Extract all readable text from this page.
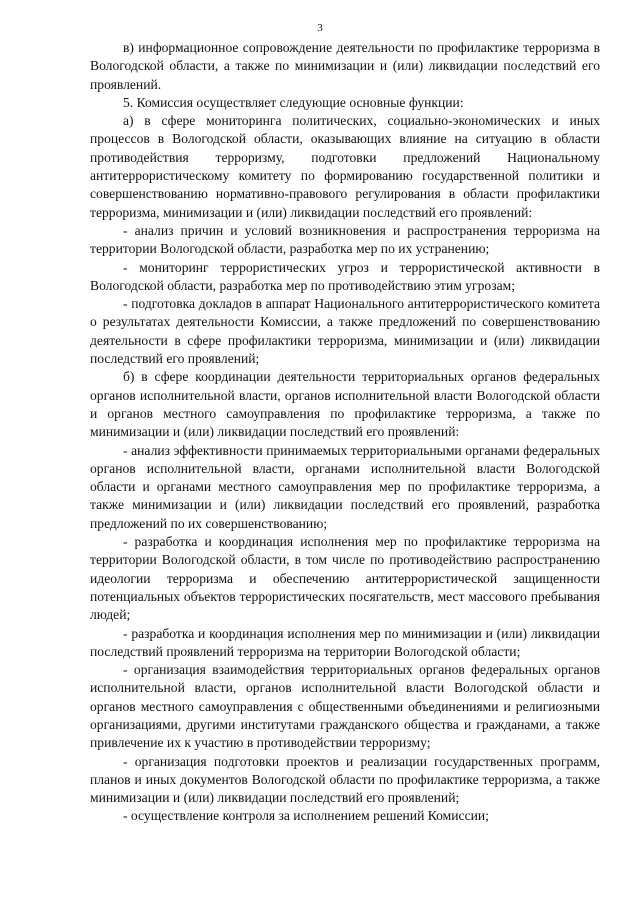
3

в) информационное сопровождение деятельности по профилактике терроризма в Вологодской области, а также по минимизации и (или) ликвидации последствий его проявлений.

5. Комиссия осуществляет следующие основные функции:

а) в сфере мониторинга политических, социально-экономических и иных процессов в Вологодской области, оказывающих влияние на ситуацию в области противодействия терроризму, подготовки предложений Национальному антитеррористическому комитету по формированию государственной политики и совершенствованию нормативно-правового регулирования в области профилактики терроризма, минимизации и (или) ликвидации последствий его проявлений:

- анализ причин и условий возникновения и распространения терроризма на территории Вологодской области, разработка мер по их устранению;

- мониторинг террористических угроз и террористической активности в Вологодской области, разработка мер по противодействию этим угрозам;

- подготовка докладов в аппарат Национального антитеррористического комитета о результатах деятельности Комиссии, а также предложений по совершенствованию деятельности в сфере профилактики терроризма, минимизации и (или) ликвидации последствий его проявлений;

б) в сфере координации деятельности территориальных органов федеральных органов исполнительной власти, органов исполнительной власти Вологодской области и органов местного самоуправления по профилактике терроризма, а также по минимизации и (или) ликвидации последствий его проявлений:

- анализ эффективности принимаемых территориальными органами федеральных органов исполнительной власти, органами исполнительной власти Вологодской области и органами местного самоуправления мер по профилактике терроризма, а также минимизации и (или) ликвидации последствий его проявлений, разработка предложений по их совершенствованию;

- разработка и координация исполнения мер по профилактике терроризма на территории Вологодской области, в том числе по противодействию распространению идеологии терроризма и обеспечению антитеррористической защищенности потенциальных объектов террористических посягательств, мест массового пребывания людей;

- разработка и координация исполнения мер по минимизации и (или) ликвидации последствий проявлений терроризма на территории Вологодской области;

- организация взаимодействия территориальных органов федеральных органов исполнительной власти, органов исполнительной власти Вологодской области и органов местного самоуправления с общественными объединениями и религиозными организациями, другими институтами гражданского общества и гражданами, а также привлечение их к участию в противодействии терроризму;

- организация подготовки проектов и реализации государственных программ, планов и иных документов Вологодской области по профилактике терроризма, а также минимизации и (или) ликвидации последствий его проявлений;

- осуществление контроля за исполнением решений Комиссии;
